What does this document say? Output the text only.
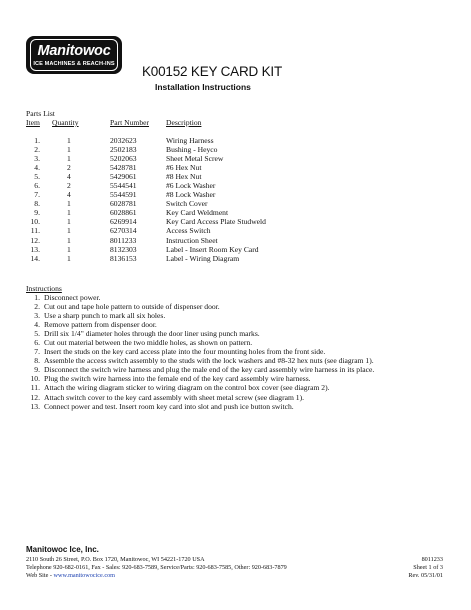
Manitowoc
ICE MACHINES & REACH-INS K00152 KEY CARD KIT
Installation Instructions
Parts List
Item Quantity	Part Number Description
1.	1	2032623	Wiring Harness
2.	1	2502183	Bushing - Heyco
3.	1	5202063	Sheet Metal Screw
4.	2	5428781	#6 Hex Nut
5.	4	5429061	#8 Hex Nut
6.	2	5544541	#6 Lock Washer
7.	4	5544591	#8 Lock Washer
8.	1	6028781	Switch Cover
9.	1	6028861	Key Card Weldment
10.	1	6269914	Key Card Access Plate Studweld
11.	1	6270314	Access Switch
12.	1	8011233	Instruction Sheet
13.	1	8132303	Label - Insert Room Key Card
14.	1	8136153	Label - Wiring Diagram
Instructions
1. Disconnect power.
2. Cut out and tape hole pattern to outside of dispenser door.
3. Use a sharp punch to mark all six holes.
4. Remove pattern from dispenser door.
5. Drill six 1/4" diameter holes through the door liner using punch marks.
6. Cut out material between the two middle holes, as shown on pattern.
7. Insert the studs on the key card access plate into the four mounting holes from the front side.
8. Assemble the access switch assembly to the studs with the lock washers and #8-32 hex nuts (see diagram 1).
9. Disconnect the switch wire harness and plug the male end of the key card assembly wire harness in its place.
10. Plug the switch wire harness into the female end of the key card assembly wire harness.
11. Attach the wiring diagram sticker to wiring diagram on the control box cover (see diagram 2).
12. Attach switch cover to the key card assembly with sheet metal screw (see diagram 1).
13. Connect power and test. Insert room key card into slot and push ice button switch.
Manitowoc Ice, Inc.
2110 South 26 Street, P.O. Box 1720, Manitowoc, WI 54221-1720 USA
Telephone 920-682-0161, Fax - Sales: 920-683-7589, Service/Parts: 920-683-7585, Other: 920-683-7879
Web Site - www.manitowocice.com
8011233
Sheet 1 of 3
Rev. 05/31/01
